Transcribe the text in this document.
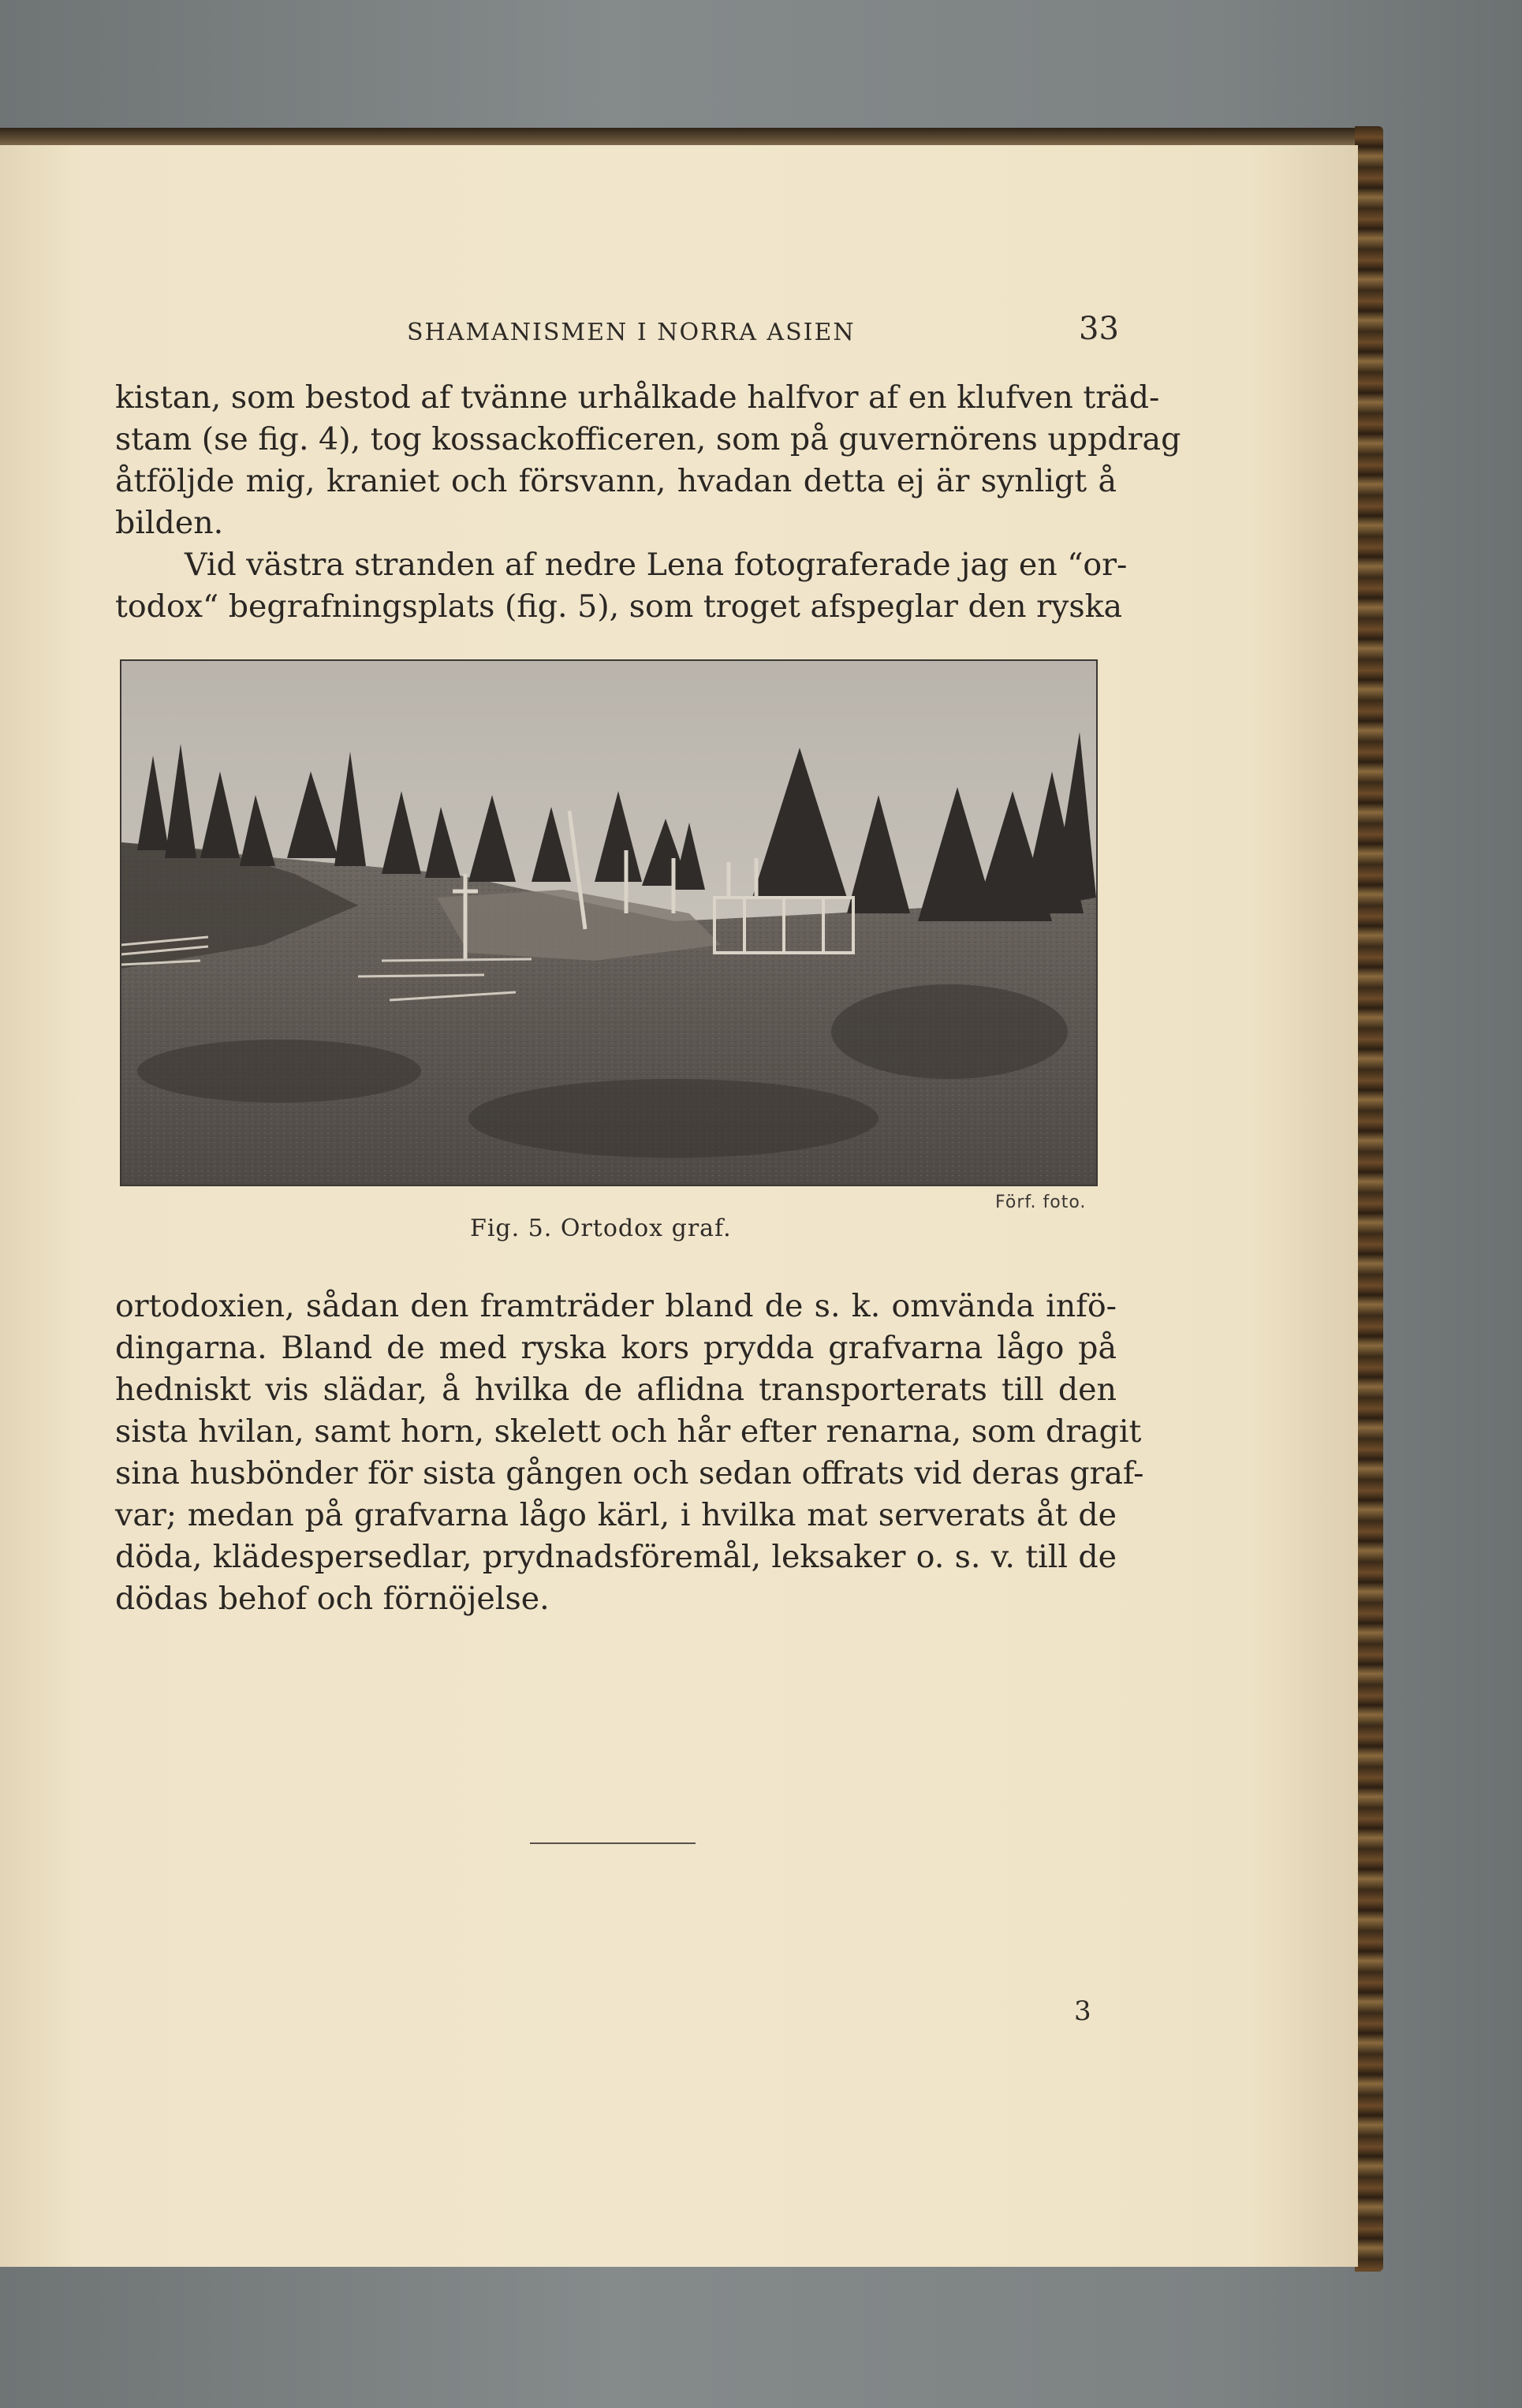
SHAMANISMEN I NORRA ASIEN	33

kistan, som bestod af tvänne urhålkade halfvor af en klufven träd-
stam (se fig. 4), tog kossackofficeren, som på guvernörens uppdrag
åtföljde mig, kraniet och försvann, hvadan detta ej är synligt å
bilden.

Vid västra stranden af nedre Lena fotograferade jag en “or-
todox“ begrafningsplats (fig. 5), som troget afspeglar den ryska

Förf. foto.
Fig. 5. Ortodox graf.

ortodoxien, sådan den framträder bland de s. k. omvända infö-
dingarna. Bland de med ryska kors prydda grafvarna lågo på
hedniskt vis slädar, å hvilka de aflidna transporterats till den
sista hvilan, samt horn, skelett och hår efter renarna, som dragit
sina husbönder för sista gången och sedan offrats vid deras graf-
var; medan på grafvarna lågo kärl, i hvilka mat serverats åt de
döda, klädespersedlar, prydnadsföremål, leksaker o. s. v. till de
dödas behof och förnöjelse.

3
